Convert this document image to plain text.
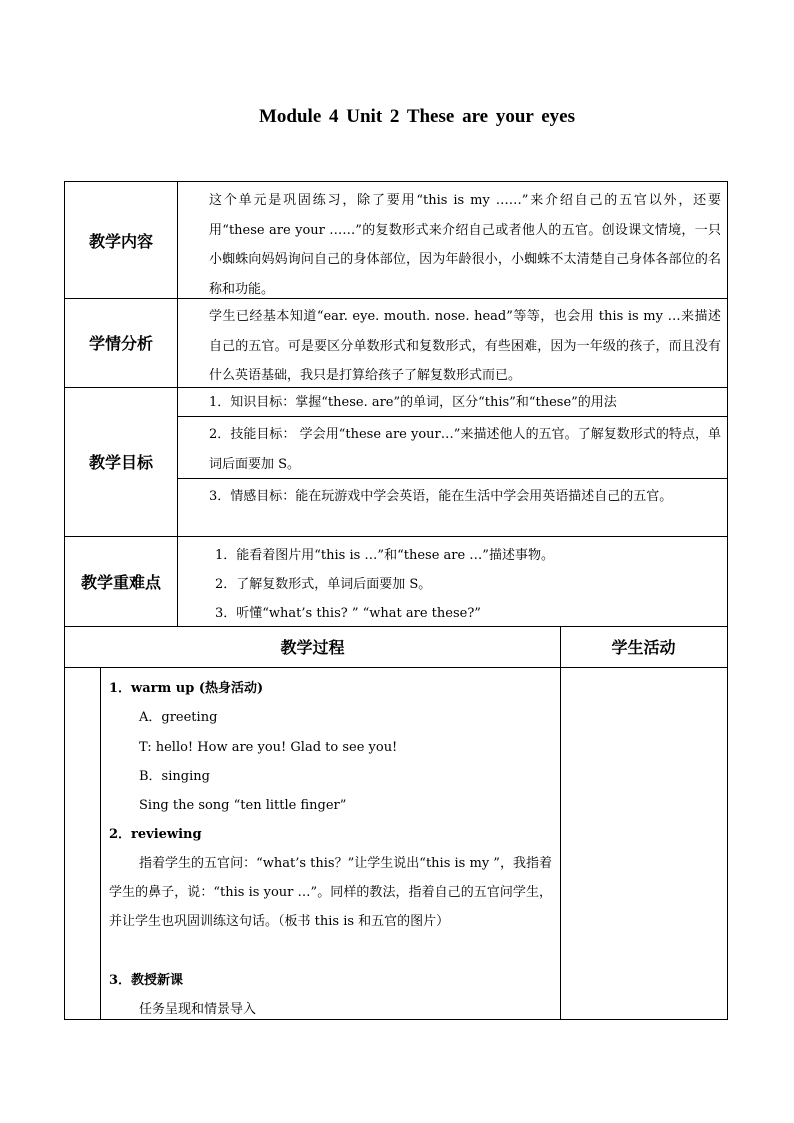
Module 4 Unit 2 These are your eyes
教学内容
这个单元是巩固练习，除了要用“this is my ……”来介绍自己的五官以外，还要用“these are your ……”的复数形式来介绍自己或者他人的五官。创设课文情境，一只小蜘蛛向妈妈询问自己的身体部位，因为年龄很小，小蜘蛛不太清楚自己身体各部位的名称和功能。
学情分析
学生已经基本知道“ear. eye. mouth. nose. head”等等，也会用 this is my …来描述自己的五官。可是要区分单数形式和复数形式，有些困难，因为一年级的孩子，而且没有什么英语基础，我只是打算给孩子了解复数形式而已。
教学目标
1．知识目标：掌握“these. are”的单词，区分“this”和“these”的用法
2．技能目标： 学会用“these are your…”来描述他人的五官。了解复数形式的特点，单词后面要加 S。
3．情感目标：能在玩游戏中学会英语，能在生活中学会用英语描述自己的五官。
教学重难点
1．能看着图片用“this is …”和“these are …”描述事物。
2．了解复数形式，单词后面要加 S。
3．听懂“what’s this? ” “what are these?”
教学过程	学生活动
1．warm up (热身活动)
A．greeting
T: hello! How are you! Glad to see you!
B．singing
Sing the song “ten little finger”
2．reviewing
指着学生的五官问：“what’s this？”让学生说出“this is my ”，我指着学生的鼻子，说：“this is your …”。同样的教法，指着自己的五官问学生，并让学生也巩固训练这句话。（板书 this is 和五官的图片）
3．教授新课
任务呈现和情景导入
